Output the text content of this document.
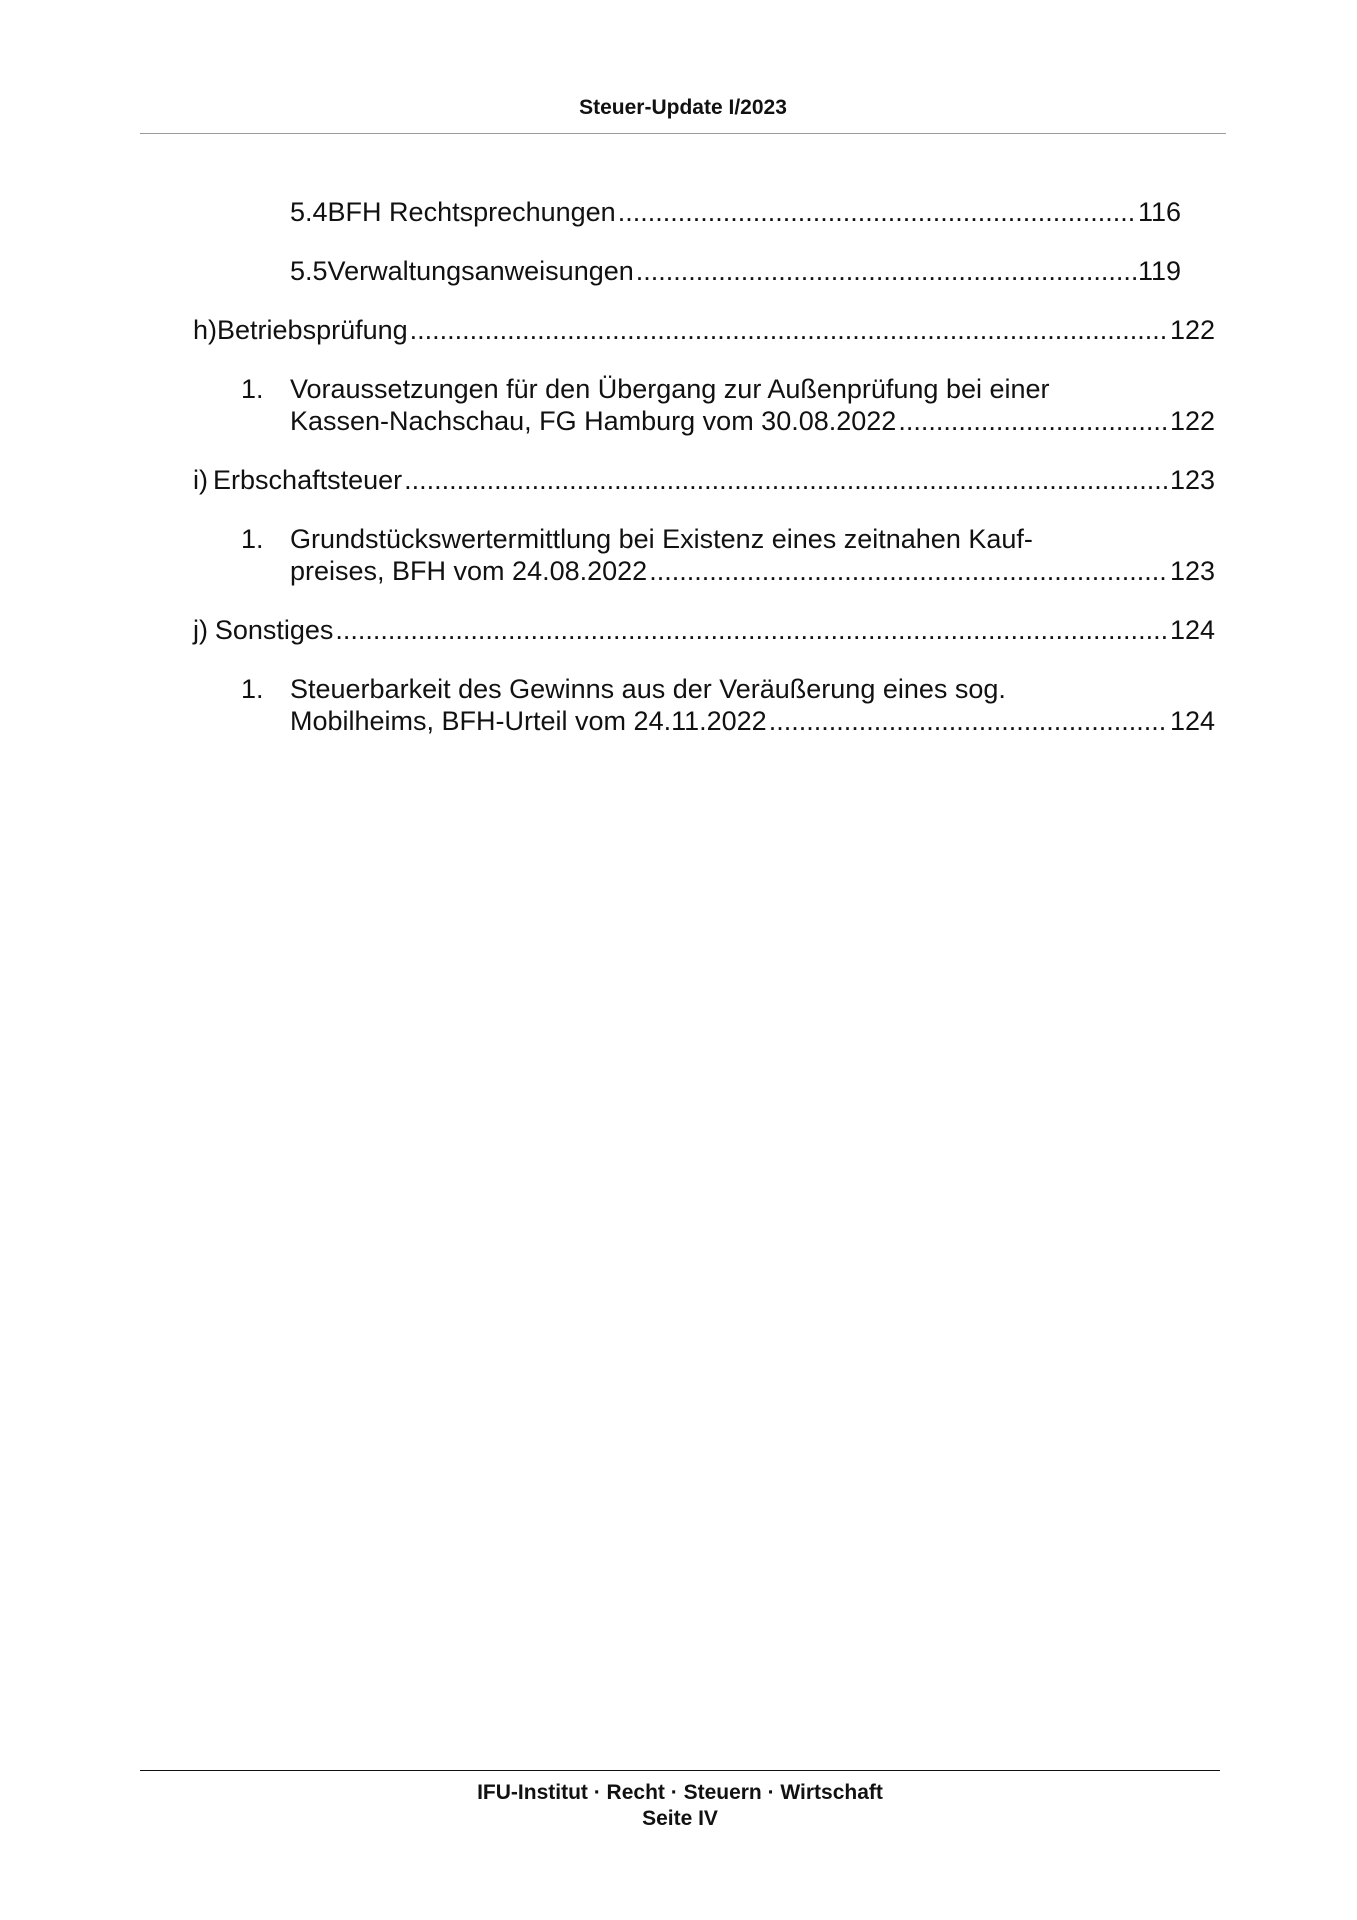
Steuer-Update I/2023
5.4 BFH Rechtsprechungen .....	116
5.5 Verwaltungsanweisungen .....	119
h) Betriebsprüfung .....	122
1. Voraussetzungen für den Übergang zur Außenprüfung bei einer
Kassen-Nachschau, FG Hamburg vom 30.08.2022 .....	122
i) Erbschaftsteuer .....	123
1. Grundstückswertermittlung bei Existenz eines zeitnahen Kauf-
preises, BFH vom 24.08.2022 .....	123
j) Sonstiges .....	124
1. Steuerbarkeit des Gewinns aus der Veräußerung eines sog.
Mobilheims, BFH-Urteil vom 24.11.2022 .....	124
IFU-Institut · Recht · Steuern · Wirtschaft
Seite IV
